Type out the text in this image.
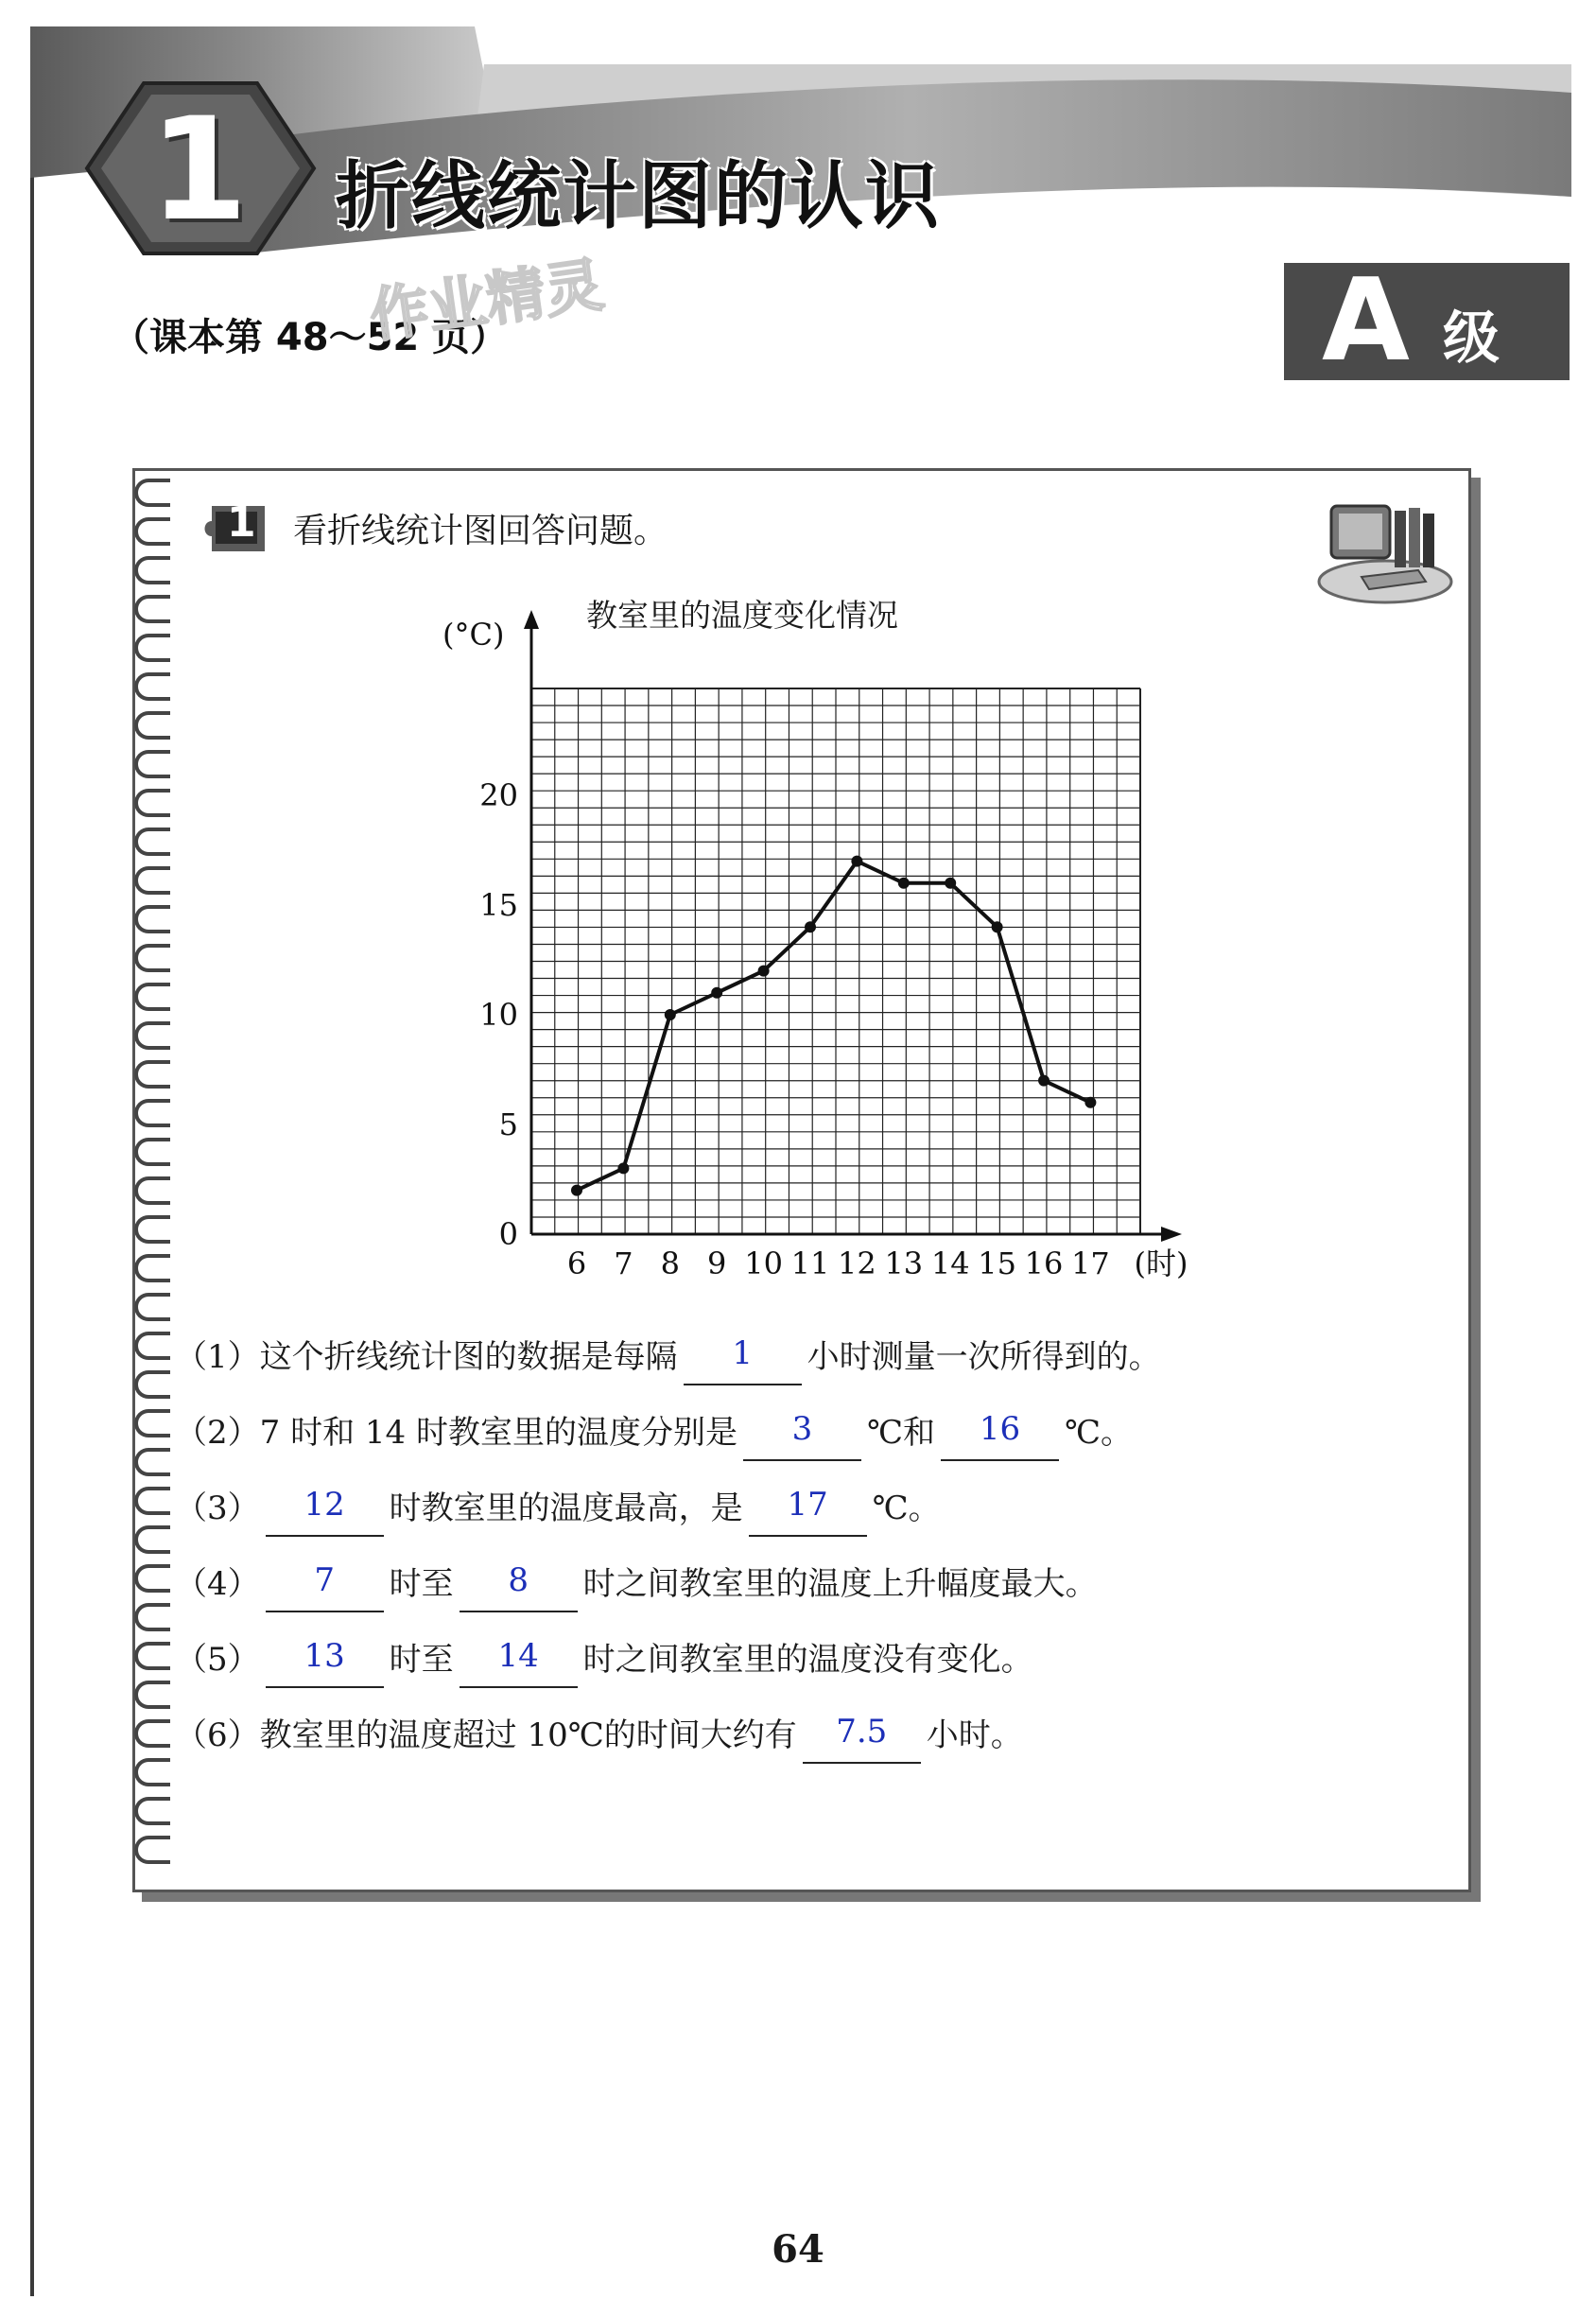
1 折线统计图的认识
（课本第 48～52 页）
作业精灵	A 级
1 看折线统计图回答问题。
教室里的温度变化情况
(°C)
0
5
10
15
20
6 7 8 9 10 11 12 13 14 15 16 17 (时)
（1）这个折线统计图的数据是每隔 1 小时测量一次所得到的。
（2）7 时和 14 时教室里的温度分别是 3 ℃和 16 ℃。
（3） 12 时教室里的温度最高，是 17 ℃。
（4） 7 时至 8 时之间教室里的温度上升幅度最大。
（5） 13 时至 14 时之间教室里的温度没有变化。
（6）教室里的温度超过 10℃的时间大约有 7.5 小时。
64
